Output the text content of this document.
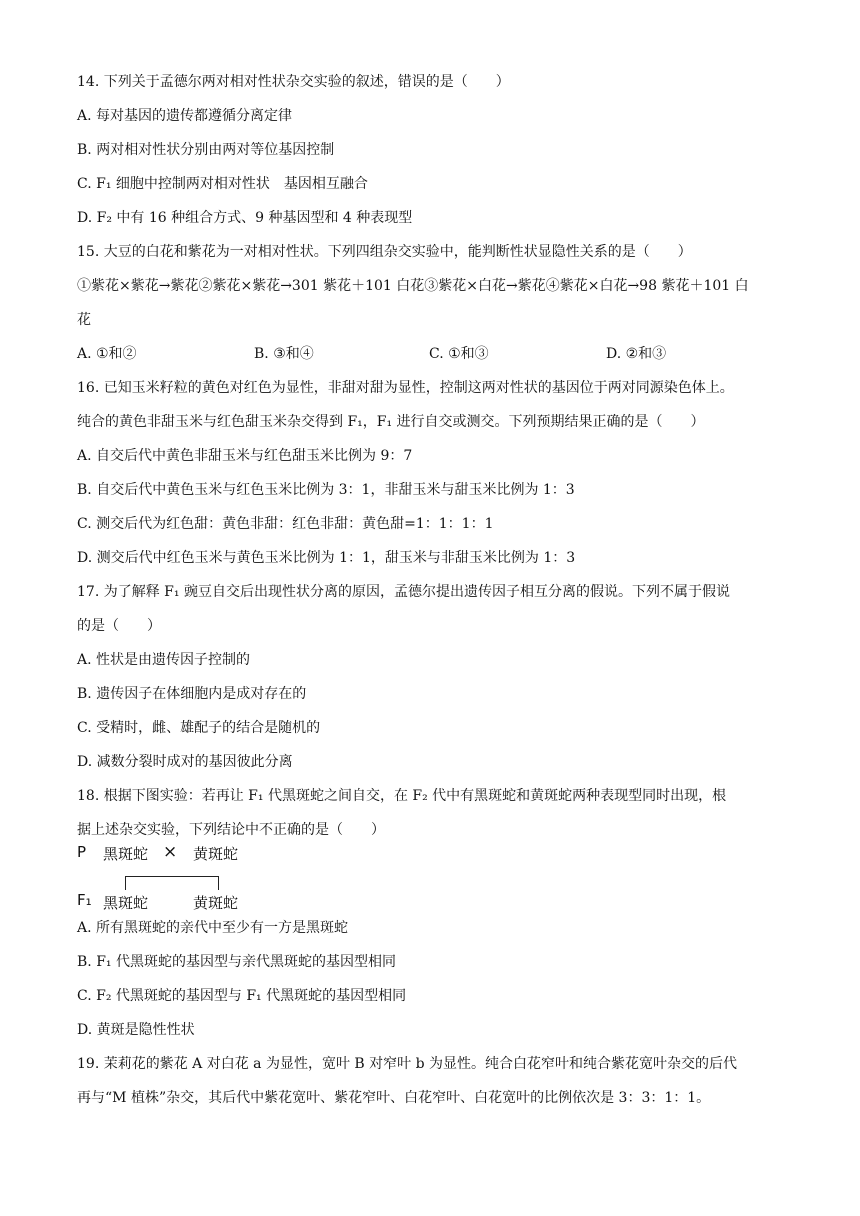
14. 下列关于孟德尔两对相对性状杂交实验的叙述，错误的是（　　）
A. 每对基因的遗传都遵循分离定律
B. 两对相对性状分别由两对等位基因控制
C. F₁ 细胞中控制两对相对性状　基因相互融合
D. F₂ 中有 16 种组合方式、9 种基因型和 4 种表现型
15. 大豆的白花和紫花为一对相对性状。下列四组杂交实验中，能判断性状显隐性关系的是（　　）
①紫花×紫花→紫花②紫花×紫花→301 紫花＋101 白花③紫花×白花→紫花④紫花×白花→98 紫花＋101 白
花
A. ①和②	B. ③和④	C. ①和③	D. ②和③
16. 已知玉米籽粒的黄色对红色为显性，非甜对甜为显性，控制这两对性状的基因位于两对同源染色体上。
纯合的黄色非甜玉米与红色甜玉米杂交得到 F₁，F₁ 进行自交或测交。下列预期结果正确的是（　　）
A. 自交后代中黄色非甜玉米与红色甜玉米比例为 9：7
B. 自交后代中黄色玉米与红色玉米比例为 3：1，非甜玉米与甜玉米比例为 1：3
C. 测交后代为红色甜：黄色非甜：红色非甜：黄色甜=1：1：1：1
D. 测交后代中红色玉米与黄色玉米比例为 1：1，甜玉米与非甜玉米比例为 1：3
17. 为了解释 F₁ 豌豆自交后出现性状分离的原因，孟德尔提出遗传因子相互分离的假说。下列不属于假说
的是（　　）
A. 性状是由遗传因子控制的
B. 遗传因子在体细胞内是成对存在的
C. 受精时，雌、雄配子的结合是随机的
D. 减数分裂时成对的基因彼此分离
18. 根据下图实验：若再让 F₁ 代黑斑蛇之间自交，在 F₂ 代中有黑斑蛇和黄斑蛇两种表现型同时出现，根
据上述杂交实验，下列结论中不正确的是（　　）
P 黑斑蛇 × 黄斑蛇
F₁ 黑斑蛇	黄斑蛇
A. 所有黑斑蛇的亲代中至少有一方是黑斑蛇
B. F₁ 代黑斑蛇的基因型与亲代黑斑蛇的基因型相同
C. F₂ 代黑斑蛇的基因型与 F₁ 代黑斑蛇的基因型相同
D. 黄斑是隐性性状
19. 茉莉花的紫花 A 对白花 a 为显性，宽叶 B 对窄叶 b 为显性。纯合白花窄叶和纯合紫花宽叶杂交的后代
再与“M 植株”杂交，其后代中紫花宽叶、紫花窄叶、白花窄叶、白花宽叶的比例依次是 3：3：1：1。
